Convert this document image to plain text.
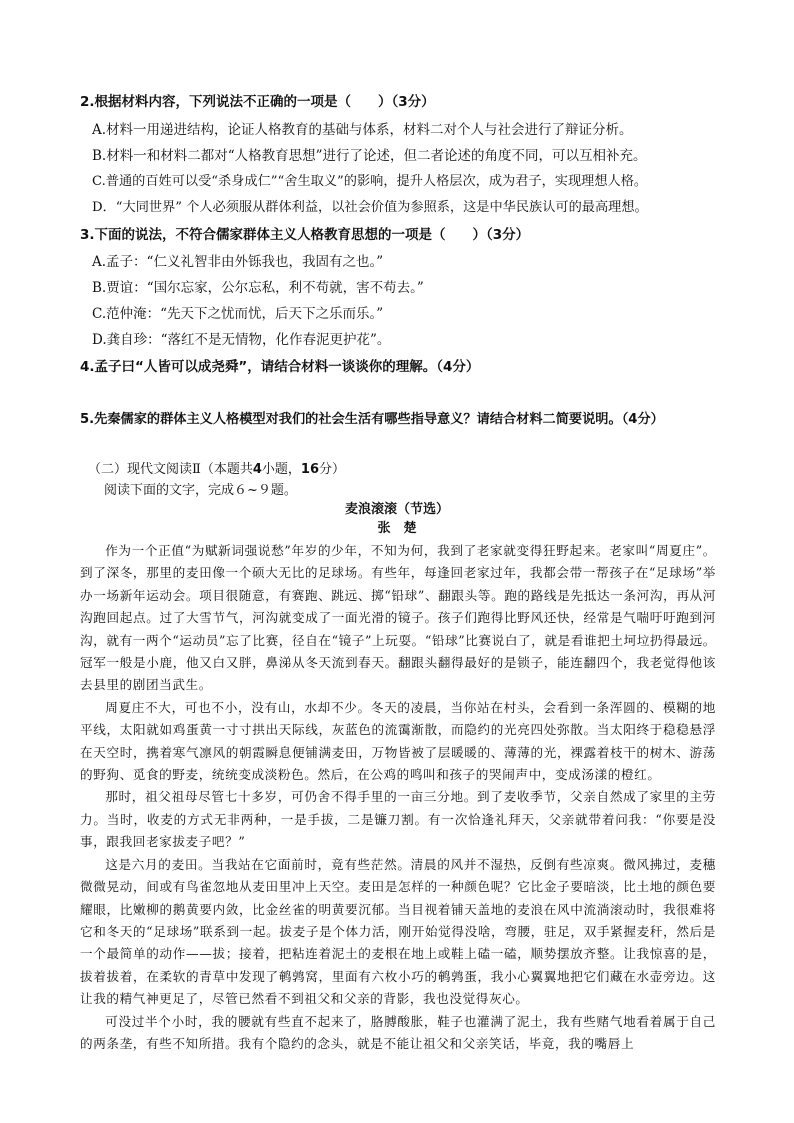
2.根据材料内容，下列说法不正确的一项是（　　）（3分）
A.材料一用递进结构，论证人格教育的基础与体系，材料二对个人与社会进行了辩证分析。
B.材料一和材料二都对“人格教育思想”进行了论述，但二者论述的角度不同，可以互相补充。
C.普通的百姓可以受“杀身成仁”“舍生取义”的影响，提升人格层次，成为君子，实现理想人格。
D．“大同世界” 个人必须服从群体利益，以社会价值为参照系，这是中华民族认可的最高理想。
3.下面的说法，不符合儒家群体主义人格教育思想的一项是（　　）（3分）
A.孟子：“仁义礼智非由外铄我也，我固有之也。”
B.贾谊：“国尔忘家，公尔忘私，利不苟就，害不苟去。”
C.范仲淹：“先天下之忧而忧，后天下之乐而乐。”
D.龚自珍：“落红不是无情物，化作春泥更护花”。
4.孟子曰“人皆可以成尧舜”，请结合材料一谈谈你的理解。（4分）
5.先秦儒家的群体主义人格模型对我们的社会生活有哪些指导意义？请结合材料二简要说明。（4分）
（二）现代文阅读Ⅱ（本题共4小题，16分）
阅读下面的文字，完成６~９题。
麦浪滚滚（节选）
张　楚

作为一个正值“为赋新词强说愁”年岁的少年，不知为何，我到了老家就变得狂野起来。老家叫“周夏庄”。到了深冬，那里的麦田像一个硕大无比的足球场。有些年，每逢回老家过年，我都会带一帮孩子在“足球场”举办一场新年运动会。项目很随意，有赛跑、跳远、掷“铅球”、翻跟头等。跑的路线是先抵达一条河沟，再从河沟跑回起点。过了大雪节气，河沟就变成了一面光滑的镜子。孩子们跑得比野风还快，经常是气喘吁吁跑到河沟，就有一两个“运动员”忘了比赛，径自在“镜子”上玩耍。“铅球”比赛说白了，就是看谁把土坷垃扔得最远。冠军一般是小鹿，他又白又胖，鼻涕从冬天流到春天。翻跟头翻得最好的是锁子，能连翻四个，我老觉得他该去县里的剧团当武生。

周夏庄不大，可也不小，没有山，水却不少。冬天的凌晨，当你站在村头，会看到一条浑圆的、模糊的地平线，太阳就如鸡蛋黄一寸寸拱出天际线，灰蓝色的流霭渐散，而隐约的光亮四处弥散。当太阳终于稳稳悬浮在天空时，携着寒气凛风的朝霞瞬息便铺满麦田，万物皆被了层暖暖的、薄薄的光，裸露着枝干的树木、游荡的野狗、觅食的野麦，统统变成淡粉色。然后，在公鸡的鸣叫和孩子的哭闹声中，变成汤漾的橙红。

那时，祖父祖母尽管七十多岁，可仍舍不得手里的一亩三分地。到了麦收季节，父亲自然成了家里的主劳力。当时，收麦的方式无非两种，一是手拔，二是镰刀割。有一次恰逢礼拜天，父亲就带着问我：“你要是没事，跟我回老家拔麦子吧？”

这是六月的麦田。当我站在它面前时，竟有些茫然。清晨的风并不湿热，反倒有些凉爽。微风拂过，麦穗微微晃动，间或有鸟雀忽地从麦田里冲上天空。麦田是怎样的一种颜色呢？它比金子要暗淡，比土地的颜色要耀眼，比嫩柳的鹅黄要内敛，比金丝雀的明黄要沉郁。当目视着铺天盖地的麦浪在风中流淌滚动时，我很难将它和冬天的“足球场”联系到一起。拔麦子是个体力活，刚开始觉得没啥，弯腰，驻足，双手紧握麦秆，然后是一个最简单的动作——拔；接着，把粘连着泥土的麦根在地上或鞋上磕一磕，顺势摆放齐整。让我惊喜的是，拔着拔着，在柔软的青草中发现了鹌鹑窝，里面有六枚小巧的鹌鹑蛋，我小心翼翼地把它们藏在水壶旁边。这让我的精气神更足了，尽管已然看不到祖父和父亲的背影，我也没觉得灰心。

可没过半个小时，我的腰就有些直不起来了，胳膊酸胀，鞋子也灌满了泥土，我有些赌气地看着属于自己的两条垄，有些不知所措。我有个隐约的念头，就是不能让祖父和父亲笑话，毕竟，我的嘴唇上
